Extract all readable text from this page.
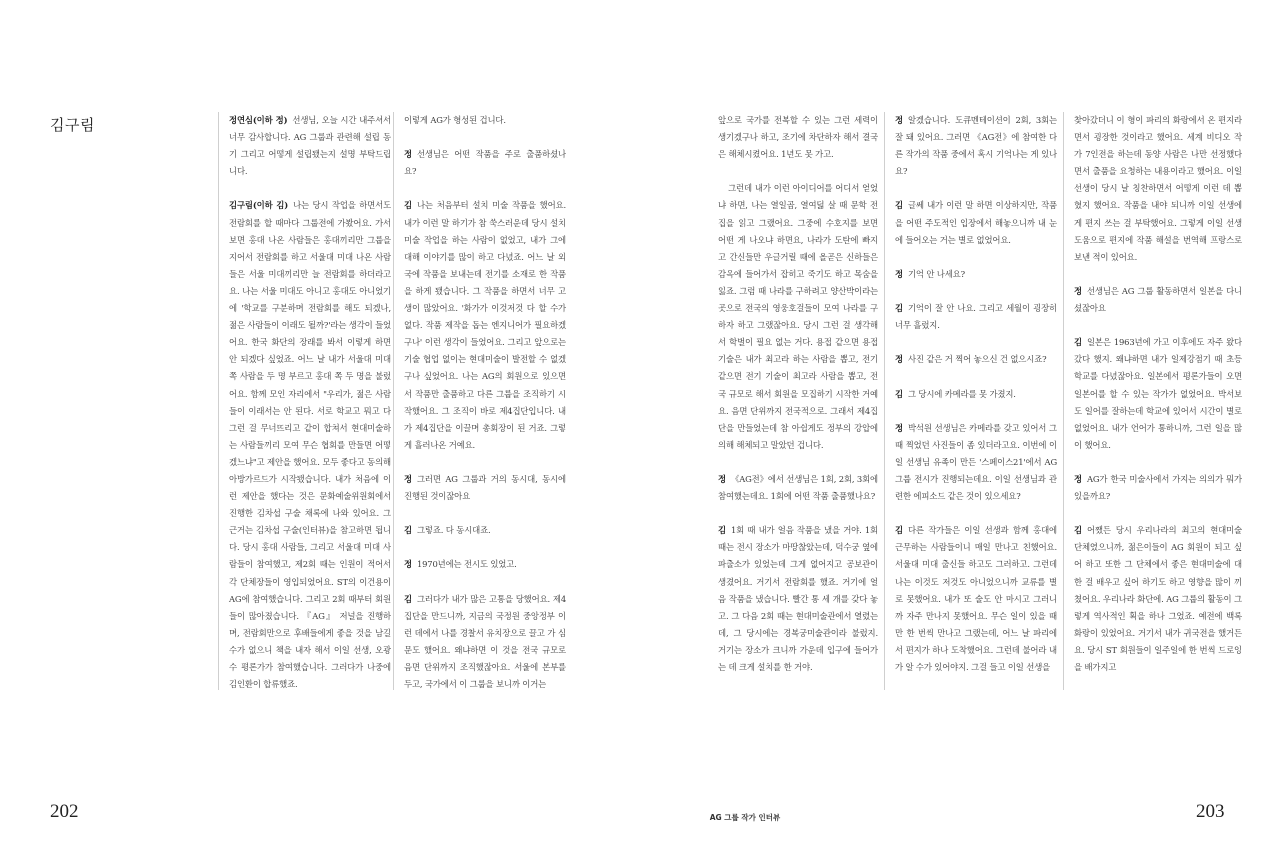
김구림	정연심(이하 정) 선생님, 오늘 시간 내주셔서 너무 감사합니다. AG 그룹과 관련해 설립 동기 그리고 어떻게 설립됐는지 설명 부탁드립니다.

김구림(이하 김) 나는 당시 작업을 하면서도 전람회를 할 때마다 그룹전에 가봤어요. 가서 보면 홍대 나온 사람들은 홍대끼리만 그룹을 지어서 전람회를 하고 서울대 미대 나온 사람들은 서울 미대끼리만 늘 전람회를 하더라고요. 나는 서울 미대도 아니고 홍대도 아니었기에 '학교를 구분하며 전람회를 해도 되겠나, 젊은 사람들이 이래도 될까?'라는 생각이 들었어요. 한국 화단의 장래를 봐서 이렇게 하면 안 되겠다 싶었죠. 어느 날 내가 서울대 미대 쪽 사람을 두 명 부르고 홍대 쪽 두 명을 불렀어요. 함께 모인 자리에서 "우리가, 젊은 사람들이 이래서는 안 된다. 서로 학교고 뭐고 다 그런 걸 무너뜨리고 같이 합쳐서 현대미술하는 사람들끼리 모여 무슨 협회를 만들면 어떻겠느냐"고 제안을 했어요. 모두 좋다고 동의해 아방가르드가 시작됐습니다. 내가 처음에 이런 제안을 했다는 것은 문화예술위원회에서 진행한 김차섭 구술 채록에 나와 있어요. 그 근거는 김차섭 구술(인터뷰)을 참고하면 됩니다. 당시 홍대 사람들, 그리고 서울대 미대 사람들이 참여했고, 제2회 때는 인원이 적어서 각 단체장들이 영입되었어요. ST의 이건용이 AG에 참여했습니다. 그리고 2회 때부터 회원들이 많아졌습니다. 『AG』 저널을 진행하며, 전람회만으로 후배들에게 좋을 것을 남길 수가 없으니 책을 내자 해서 이일 선생, 오광수 평론가가 참여했습니다. 그러다가 나중에 김인환이 합류했죠.

이렇게 AG가 형성된 겁니다.

정 선생님은 어떤 작품을 주로 출품하셨나요?

김 나는 처음부터 설치 미술 작품을 했어요. 내가 이런 말 하기가 참 쑥스러운데 당시 설치 미술 작업을 하는 사람이 없었고, 내가 그에 대해 이야기를 많이 하고 다녔죠. 어느 날 외국에 작품을 보내는데 전기를 소재로 한 작품을 하게 됐습니다. 그 작품을 하면서 너무 고생이 많았어요. '화가가 이것저것 다 할 수가 없다. 작품 제작을 돕는 엔지니어가 필요하겠구나' 이런 생각이 들었어요. 그리고 앞으로는 기술 협업 없이는 현대미술이 발전할 수 없겠구나 싶었어요. 나는 AG의 회원으로 있으면서 작품만 출품하고 다른 그룹을 조직하기 시작했어요. 그 조직이 바로 제4집단입니다. 내가 제4집단을 이끌며 총회장이 된 거죠. 그렇게 흘러나온 거예요.

정 그러면 AG 그룹과 거의 동시대, 동시에 진행된 것이잖아요

김 그렇죠. 다 동시대죠.

정 1970년에는 전시도 있었고.

김 그러다가 내가 많은 고통을 당했어요. 제4집단을 만드니까, 지금의 국정원 중앙정부 이런 데에서 나를 경찰서 유치장으로 끌고 가 심문도 했어요. 왜냐하면 이 것을 전국 규모로 음면 단위까지 조직했잖아요. 서울에 본부를 두고, 국가에서 이 그룹을 보니까 이거는

앞으로 국가를 전복할 수 있는 그런 세력이 생기겠구나 하고, 조기에 차단하자 해서 결국은 해체시켰어요. 1년도 못 가고.

그런데 내가 이런 아이디어를 어디서 얻었냐 하면, 나는 열일곱, 열여덟 살 때 문학 전집을 읽고 그랬어요. 그중에 수호지를 보면 어떤 게 나오냐 하면요, 나라가 도탄에 빠지고 간신들만 우글거릴 때에 올곧은 신하들은 감옥에 들어가서 잡히고 죽기도 하고 목숨을 잃죠. 그럼 때 나라를 구하려고 양산박이라는 곳으로 전국의 영웅호걸들이 모여 나라를 구하자 하고 그랬잖아요. 당시 그런 걸 생각해서 학벌이 필요 없는 거다. 용접 같으면 용접 기술은 내가 최고라 하는 사람을 뽑고, 전기 같으면 전기 기술이 최고라 사람을 뽑고, 전국 규모로 해서 회원을 모집하기 시작한 거예요. 음면 단위까지 전국적으로. 그래서 제4집단을 만들었는데 참 아쉽게도 정부의 강압에 의해 해체되고 말았던 겁니다.

정 《AG전》에서 선생님은 1회, 2회, 3회에 참여했는데요. 1회에 어떤 작품 출품했나요?

김 1회 때 내가 얼음 작품을 냈을 거야. 1회 때는 전시 장소가 마땅찮았는데, 덕수궁 옆에 파출소가 있었는데 그게 없어지고 공보관이 생겼어요. 거기서 전람회를 했죠. 거기에 얼음 작품을 냈습니다. 빨간 통 세 개를 갖다 놓고. 그 다음 2회 때는 현대미술관에서 열렸는데, 그 당시에는 경복궁미술관이라 불렀지. 거기는 장소가 크니까 가운데 입구에 들어가는 데 크게 설치를 한 거야.

정 알겠습니다. 도큐멘테이션이 2회, 3회는 잘 돼 있어요. 그러면 《AG전》에 참여한 다른 작가의 작품 중에서 혹시 기억나는 게 있나요?

김 글쎄 내가 이런 말 하면 이상하지만, 작품을 어떤 주도적인 입장에서 해놓으니까 내 눈에 들어오는 거는 별로 없었어요.

정 기억 안 나세요?

김 기억이 잘 안 나요. 그리고 세월이 굉장히 너무 흘렀지.

정 사진 같은 거 찍어 놓으신 건 없으시죠?

김 그 당시에 카메라를 못 가졌지.

정 박석원 선생님은 카메라를 갖고 있어서 그때 찍었던 사진들이 좀 있더라고요. 이번에 이일 선생님 유족이 만든 '스페이스21'에서 AG 그룹 전시가 진행되는데요. 이일 선생님과 관련한 에피소드 같은 것이 있으세요?

김 다른 작가들은 이일 선생과 함께 홍대에 근무하는 사람들이니 매일 만나고 친했어요. 서울대 미대 출신들 하고도 그러하고. 그런데 나는 이것도 저것도 아니었으니까 교류를 별로 못했어요. 내가 또 술도 안 마시고 그러니까 자주 만나지 못했어요. 무슨 일이 있을 때만 한 번씩 만나고 그랬는데, 어느 날 파리에서 편지가 하나 도착했어요. 그런데 불어라 내가 알 수가 있어야지. 그걸 들고 이일 선생을

찾아갔더니 이 형이 파리의 화랑에서 온 편지라면서 굉장한 것이라고 했어요. 세계 비디오 작가 7인전을 하는데 동양 사람은 나만 선정했다면서 출품을 요청하는 내용이라고 했어요. 이일 선생이 당시 날 칭찬하면서 어떻게 이런 데 뽑혔지 했어요. 작품을 내야 되니까 이일 선생에게 편지 쓰는 걸 부탁했어요. 그렇게 이일 선생 도움으로 편지에 작품 해설을 번역해 프랑스로 보낸 적이 있어요.

정 선생님은 AG 그룹 활동하면서 일본을 다니셨잖아요

김 일본은 1963년에 가고 이후에도 자주 왔다 갔다 했지. 왜냐하면 내가 일제강점기 때 초등학교를 다녔잖아요. 일본에서 평론가들이 오면 일본어를 할 수 있는 작가가 없었어요. 박서보도 일어를 잘하는데 학교에 있어서 시간이 별로 없었어요. 내가 언어가 통하니까, 그런 일을 많이 했어요.

정 AG가 한국 미술사에서 가지는 의의가 뭐가 있을까요?

김 어쨌든 당시 우리나라의 최고의 현대미술 단체였으니까, 젊은이들이 AG 회원이 되고 싶어 하고 또한 그 단체에서 좋은 현대미술에 대한 걸 배우고 싶어 하기도 하고 영향을 많이 끼쳤어요. 우리나라 화단에. AG 그룹의 활동이 그렇게 역사적인 획을 하나 그었죠. 예전에 백록화랑이 있었어요. 거기서 내가 귀국전을 했거든요. 당시 ST 회원들이 일주일에 한 번씩 드로잉을 배가지고

202	AG 그룹 작가 인터뷰	203
